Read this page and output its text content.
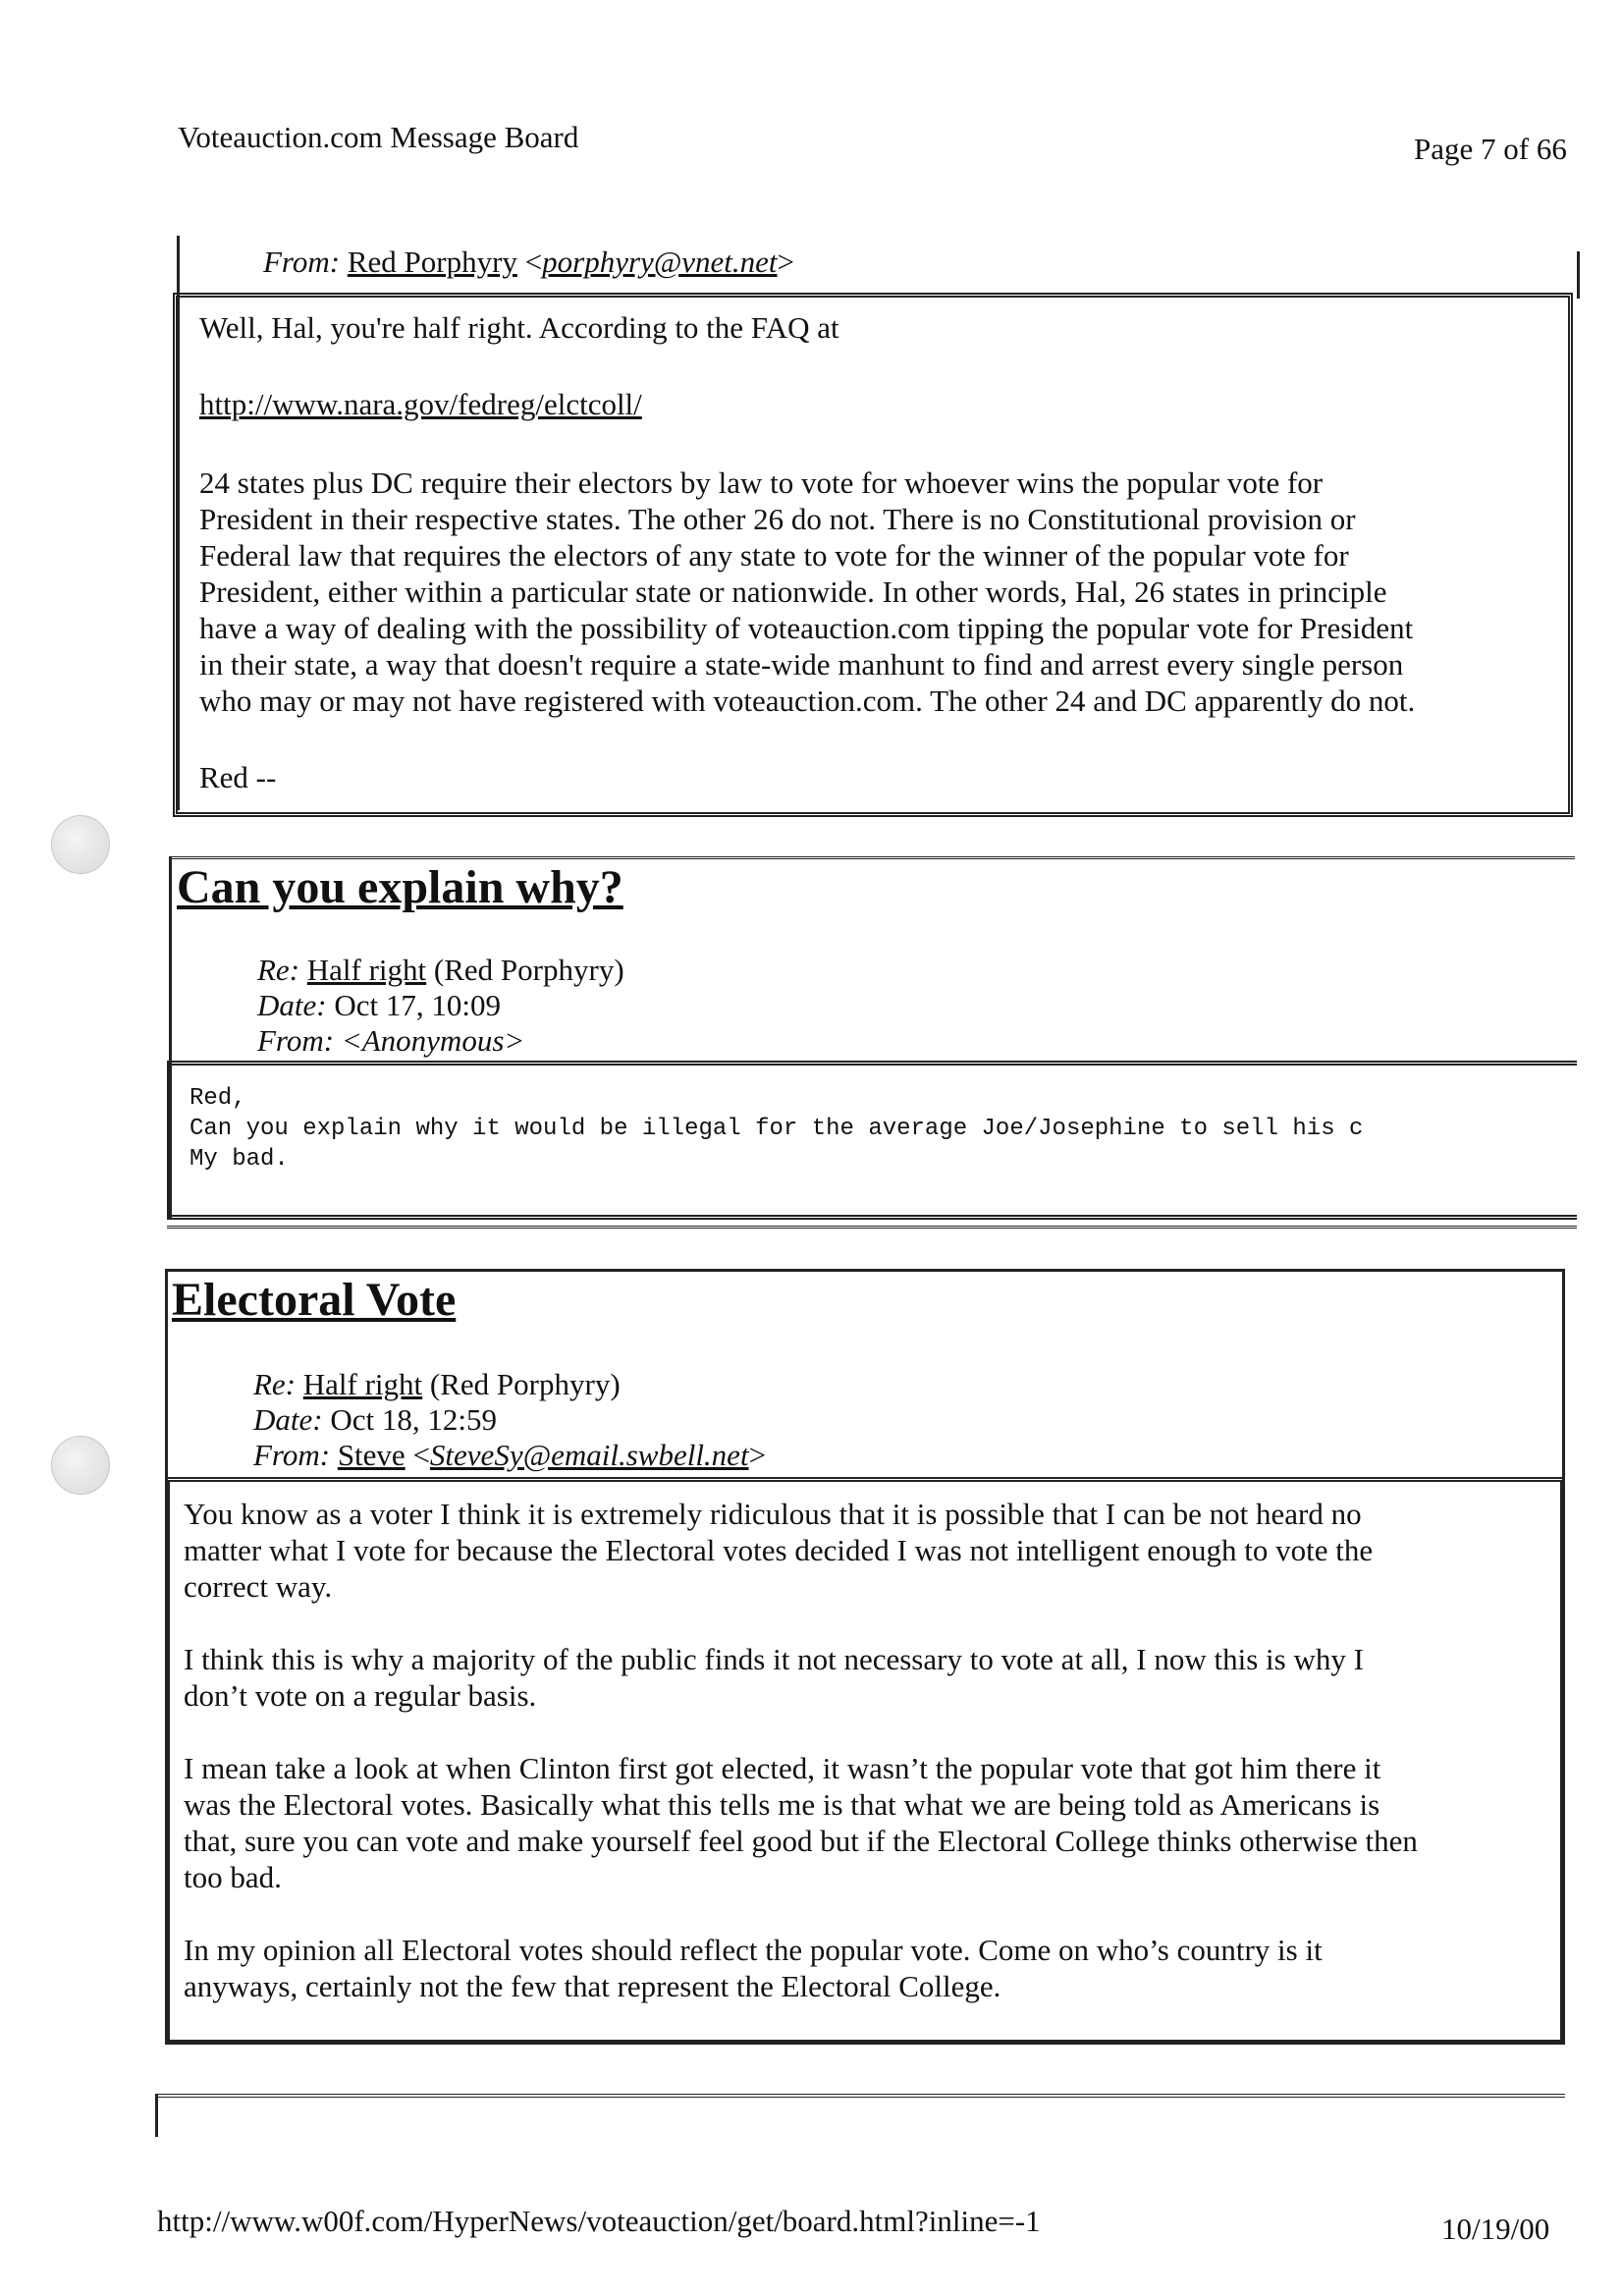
Voteauction.com Message Board	Page 7 of 66
From: Red Porphyry <porphyry@vnet.net>
Well, Hal, you're half right. According to the FAQ at
http://www.nara.gov/fedreg/elctcoll/
24 states plus DC require their electors by law to vote for whoever wins the popular vote for
President in their respective states. The other 26 do not. There is no Constitutional provision or
Federal law that requires the electors of any state to vote for the winner of the popular vote for
President, either within a particular state or nationwide. In other words, Hal, 26 states in principle
have a way of dealing with the possibility of voteauction.com tipping the popular vote for President
in their state, a way that doesn't require a state-wide manhunt to find and arrest every single person
who may or may not have registered with voteauction.com. The other 24 and DC apparently do not.
Red --
Can you explain why?
Re: Half right (Red Porphyry)
Date: Oct 17, 10:09
From: <Anonymous>
Red,
Can you explain why it would be illegal for the average Joe/Josephine to sell his c
My bad.
Electoral Vote
Re: Half right (Red Porphyry)
Date: Oct 18, 12:59
From: Steve <SteveSy@email.swbell.net>
You know as a voter I think it is extremely ridiculous that it is possible that I can be not heard no
matter what I vote for because the Electoral votes decided I was not intelligent enough to vote the
correct way.
I think this is why a majority of the public finds it not necessary to vote at all, I now this is why I
don’t vote on a regular basis.
I mean take a look at when Clinton first got elected, it wasn’t the popular vote that got him there it
was the Electoral votes. Basically what this tells me is that what we are being told as Americans is
that, sure you can vote and make yourself feel good but if the Electoral College thinks otherwise then
too bad.
In my opinion all Electoral votes should reflect the popular vote. Come on who’s country is it
anyways, certainly not the few that represent the Electoral College.
http://www.w00f.com/HyperNews/voteauction/get/board.html?inline=-1	10/19/00
